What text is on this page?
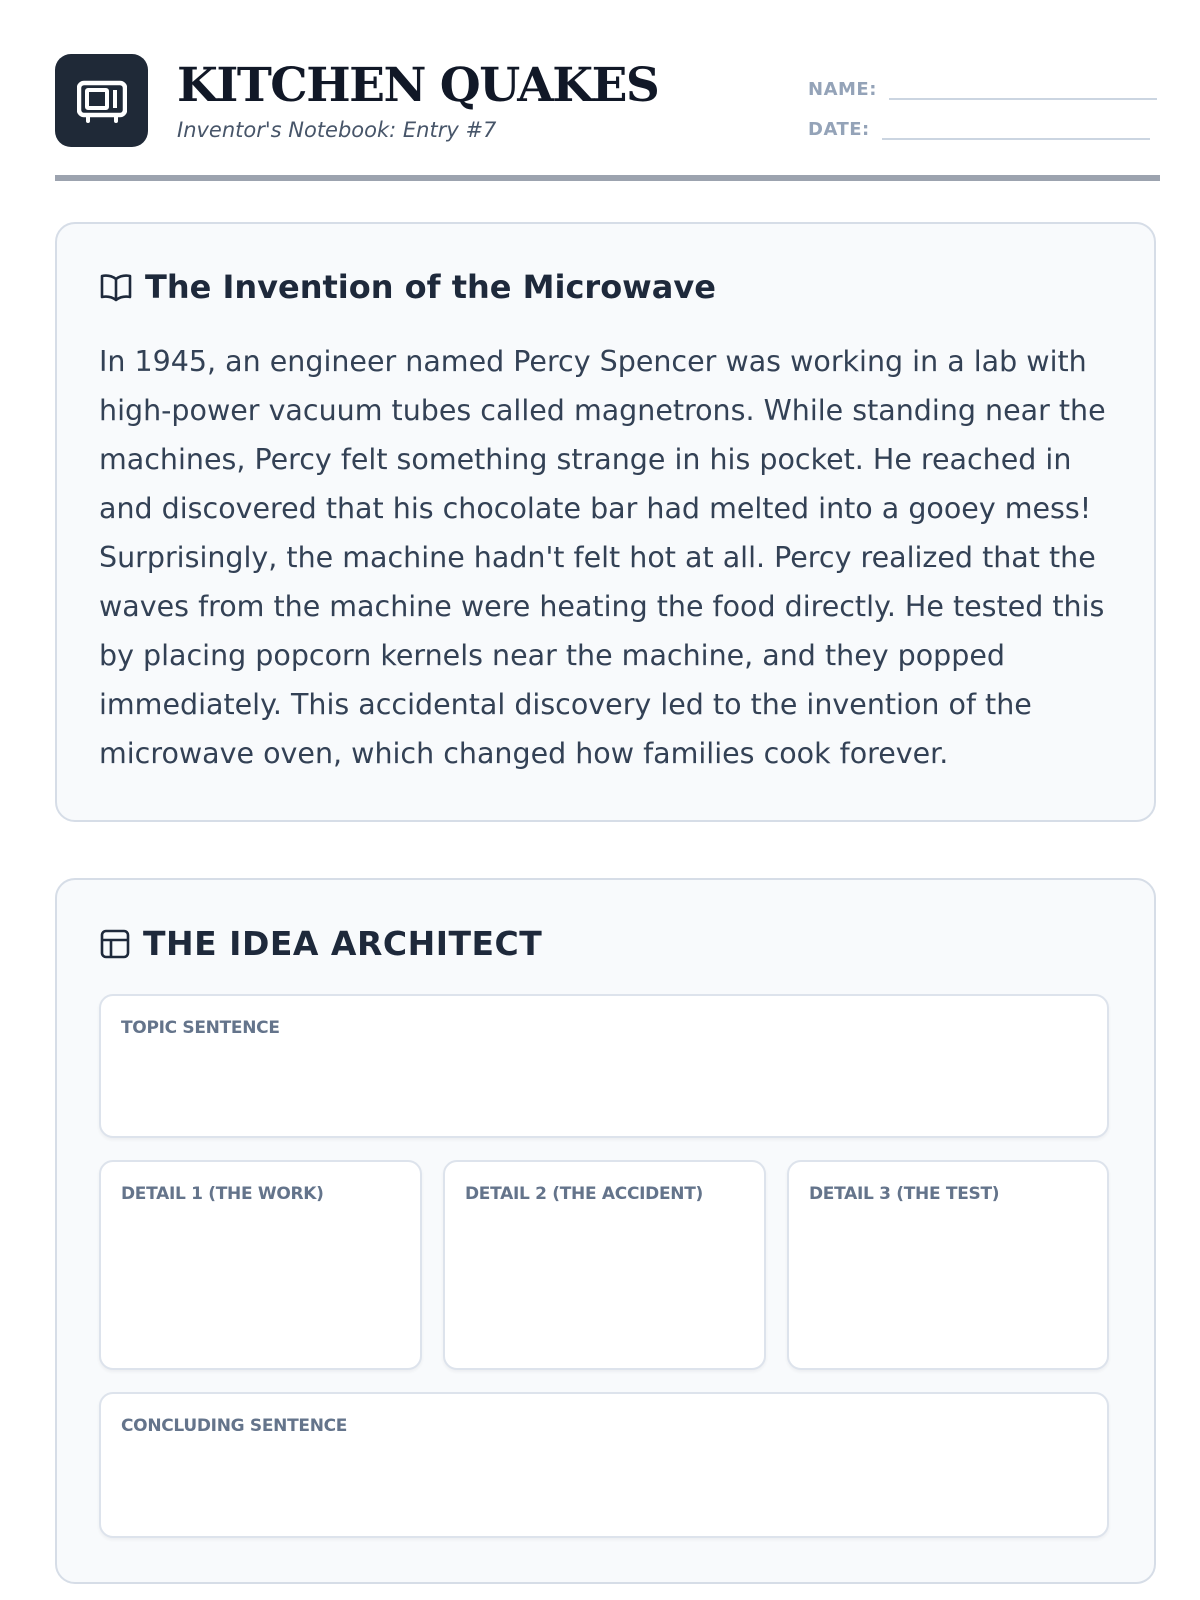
KITCHEN QUAKES
Inventor's Notebook: Entry #7
NAME:
DATE:
The Invention of the Microwave

In 1945, an engineer named Percy Spencer was working in a lab with high-power vacuum tubes called magnetrons. While standing near the machines, Percy felt something strange in his pocket. He reached in and discovered that his chocolate bar had melted into a gooey mess! Surprisingly, the machine hadn't felt hot at all. Percy realized that the waves from the machine were heating the food directly. He tested this by placing popcorn kernels near the machine, and they popped immediately. This accidental discovery led to the invention of the microwave oven, which changed how families cook forever.

THE IDEA ARCHITECT
TOPIC SENTENCE
DETAIL 1 (THE WORK)	DETAIL 2 (THE ACCIDENT)	DETAIL 3 (THE TEST)
CONCLUDING SENTENCE
